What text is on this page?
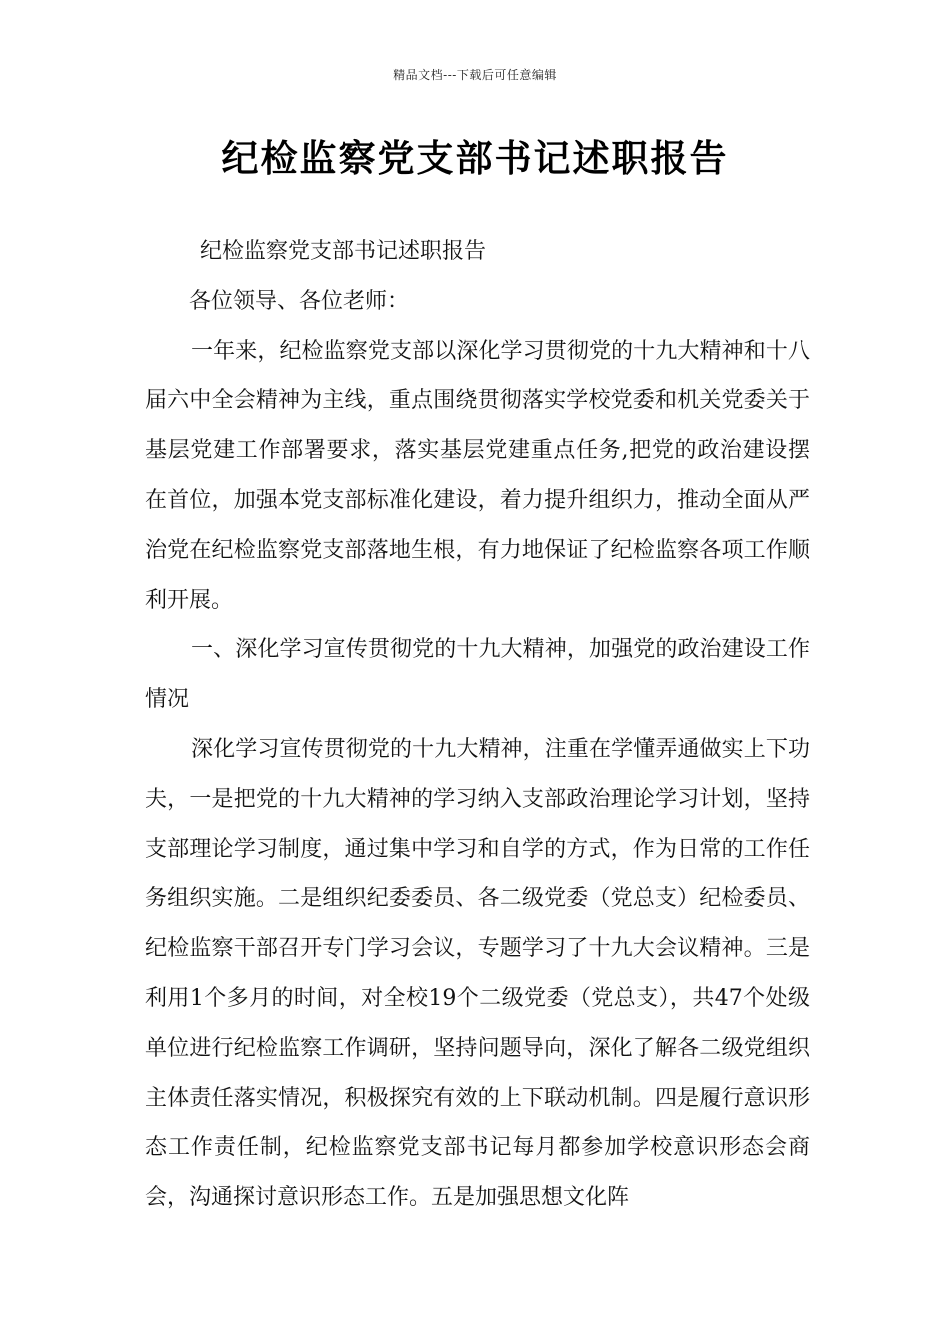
精品文档---下载后可任意编辑
纪检监察党支部书记述职报告

纪检监察党支部书记述职报告

各位领导、各位老师：

一年来，纪检监察党支部以深化学习贯彻党的十九大精神和十八届六中全会精神为主线，重点围绕贯彻落实学校党委和机关党委关于基层党建工作部署要求，落实基层党建重点任务,把党的政治建设摆在首位，加强本党支部标准化建设，着力提升组织力，推动全面从严治党在纪检监察党支部落地生根，有力地保证了纪检监察各项工作顺利开展。

一、深化学习宣传贯彻党的十九大精神，加强党的政治建设工作情况

深化学习宣传贯彻党的十九大精神，注重在学懂弄通做实上下功夫，一是把党的十九大精神的学习纳入支部政治理论学习计划，坚持支部理论学习制度，通过集中学习和自学的方式，作为日常的工作任务组织实施。二是组织纪委委员、各二级党委（党总支）纪检委员、纪检监察干部召开专门学习会议，专题学习了十九大会议精神。三是利用1个多月的时间，对全校19个二级党委（党总支），共47个处级单位进行纪检监察工作调研，坚持问题导向，深化了解各二级党组织主体责任落实情况，积极探究有效的上下联动机制。四是履行意识形态工作责任制，纪检监察党支部书记每月都参加学校意识形态会商会，沟通探讨意识形态工作。五是加强思想文化阵
